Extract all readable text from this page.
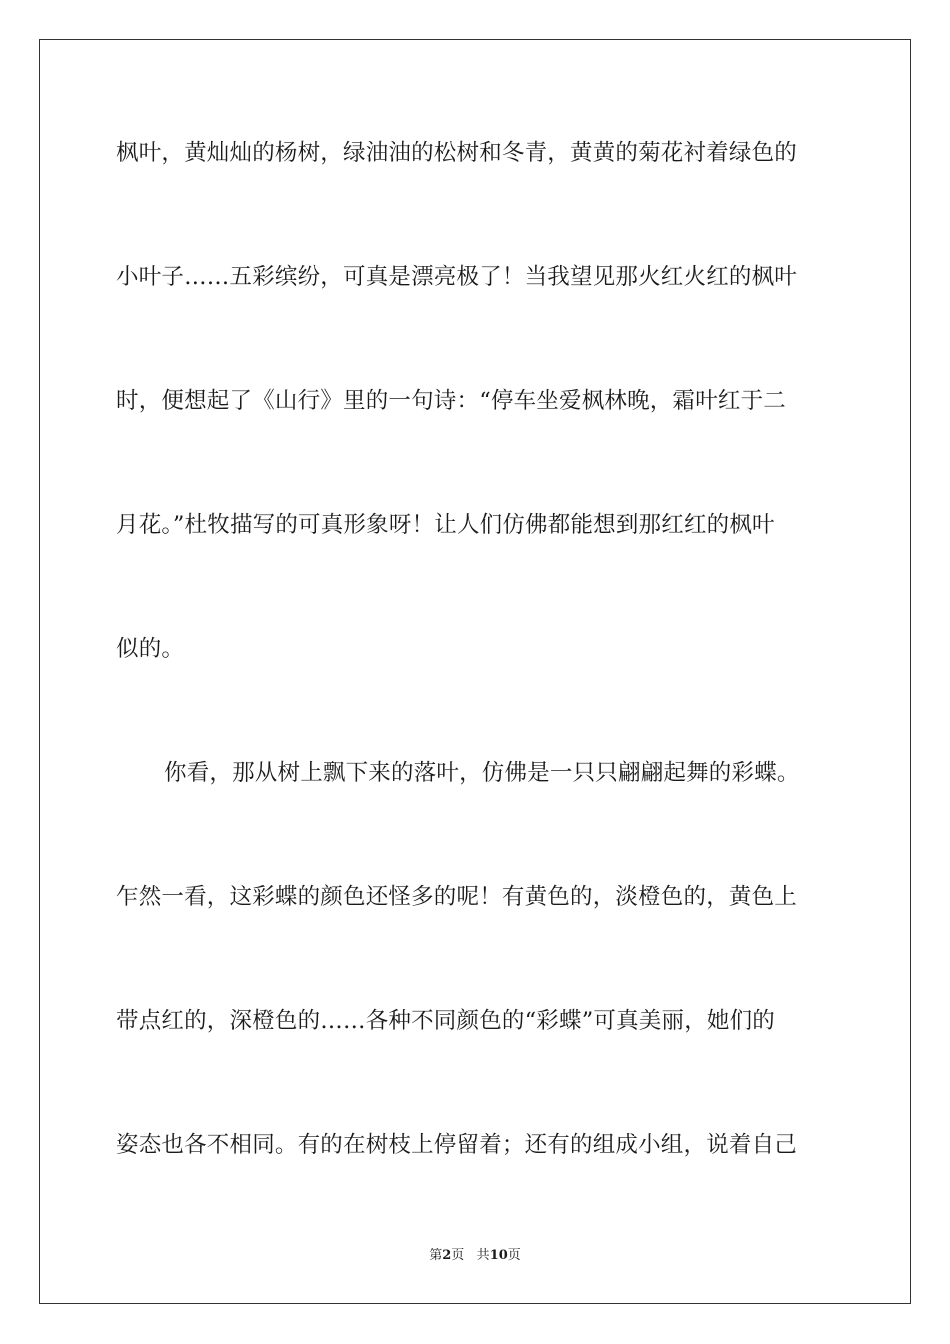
枫叶，黄灿灿的杨树，绿油油的松树和冬青，黄黄的菊花衬着绿色的
小叶子……五彩缤纷，可真是漂亮极了！当我望见那火红火红的枫叶
时，便想起了《山行》里的一句诗：“停车坐爱枫林晚，霜叶红于二
月花。”杜牧描写的可真形象呀！让人们仿佛都能想到那红红的枫叶
似的。
你看，那从树上飘下来的落叶，仿佛是一只只翩翩起舞的彩蝶。
乍然一看，这彩蝶的颜色还怪多的呢！有黄色的，淡橙色的，黄色上
带点红的，深橙色的……各种不同颜色的“彩蝶”可真美丽，她们的
姿态也各不相同。有的在树枝上停留着；还有的组成小组，说着自己
第2页 共10页
